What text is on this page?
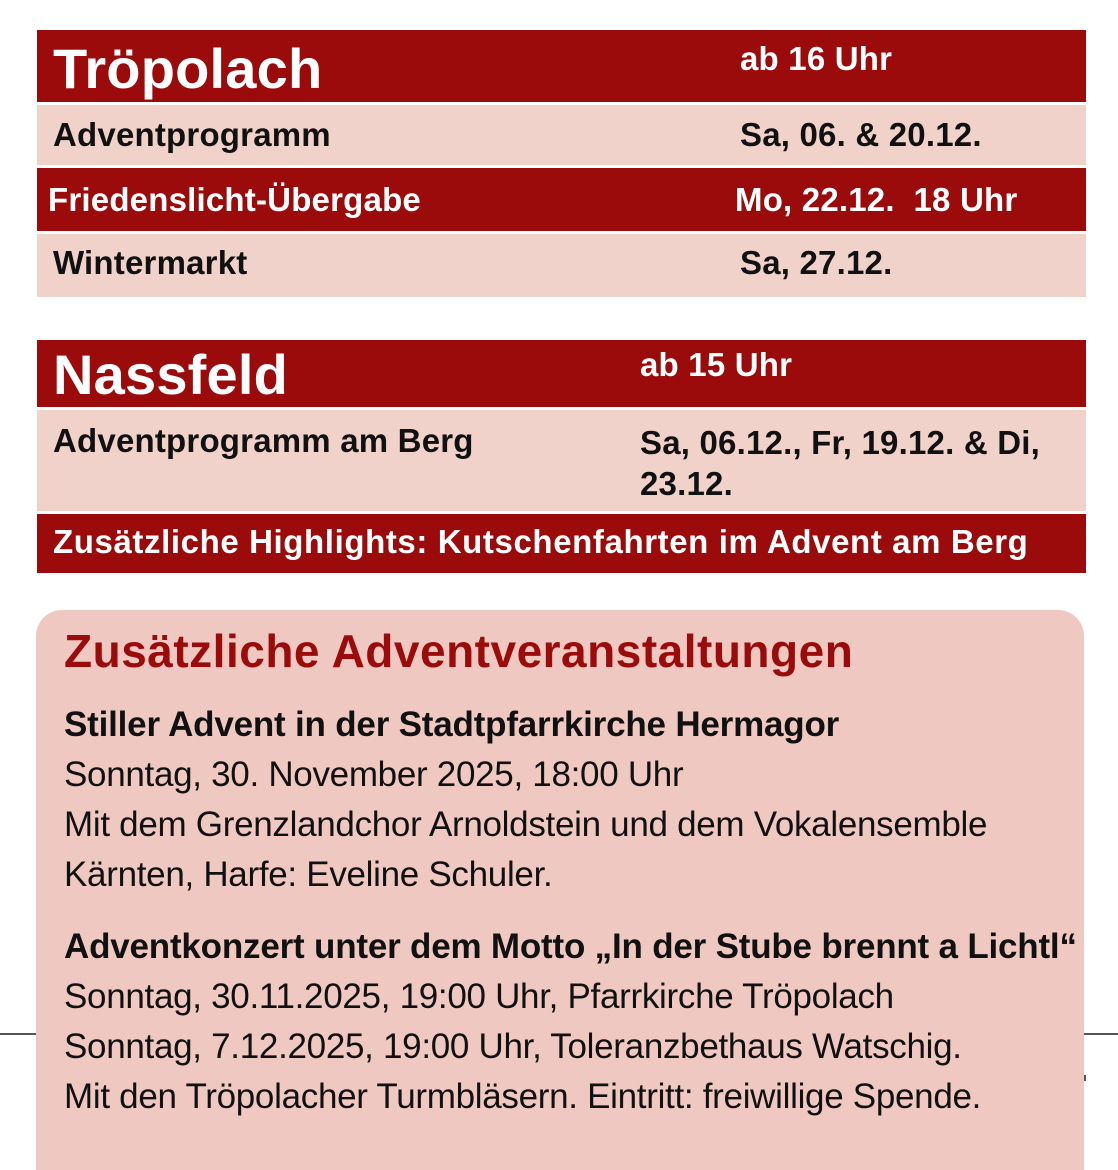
Tröpolach	ab 16 Uhr
Adventprogramm	Sa, 06. & 20.12.
Friedenslicht-Übergabe	Mo, 22.12.  18 Uhr
Wintermarkt	Sa, 27.12.
Nassfeld	ab 15 Uhr
Adventprogramm am Berg	Sa, 06.12., Fr, 19.12. & Di, 23.12.
Zusätzliche Highlights: Kutschenfahrten im Advent am Berg
Zusätzliche Adventveranstaltungen
Stiller Advent in der Stadtpfarrkirche Hermagor
Sonntag, 30. November 2025, 18:00 Uhr
Mit dem Grenzlandchor Arnoldstein und dem Vokalensemble
Kärnten, Harfe: Eveline Schuler.
Adventkonzert unter dem Motto „In der Stube brennt a Lichtl“
Sonntag, 30.11.2025, 19:00 Uhr, Pfarrkirche Tröpolach
Sonntag, 7.12.2025, 19:00 Uhr, Toleranzbethaus Watschig.
Mit den Tröpolacher Turmbläsern. Eintritt: freiwillige Spende.
